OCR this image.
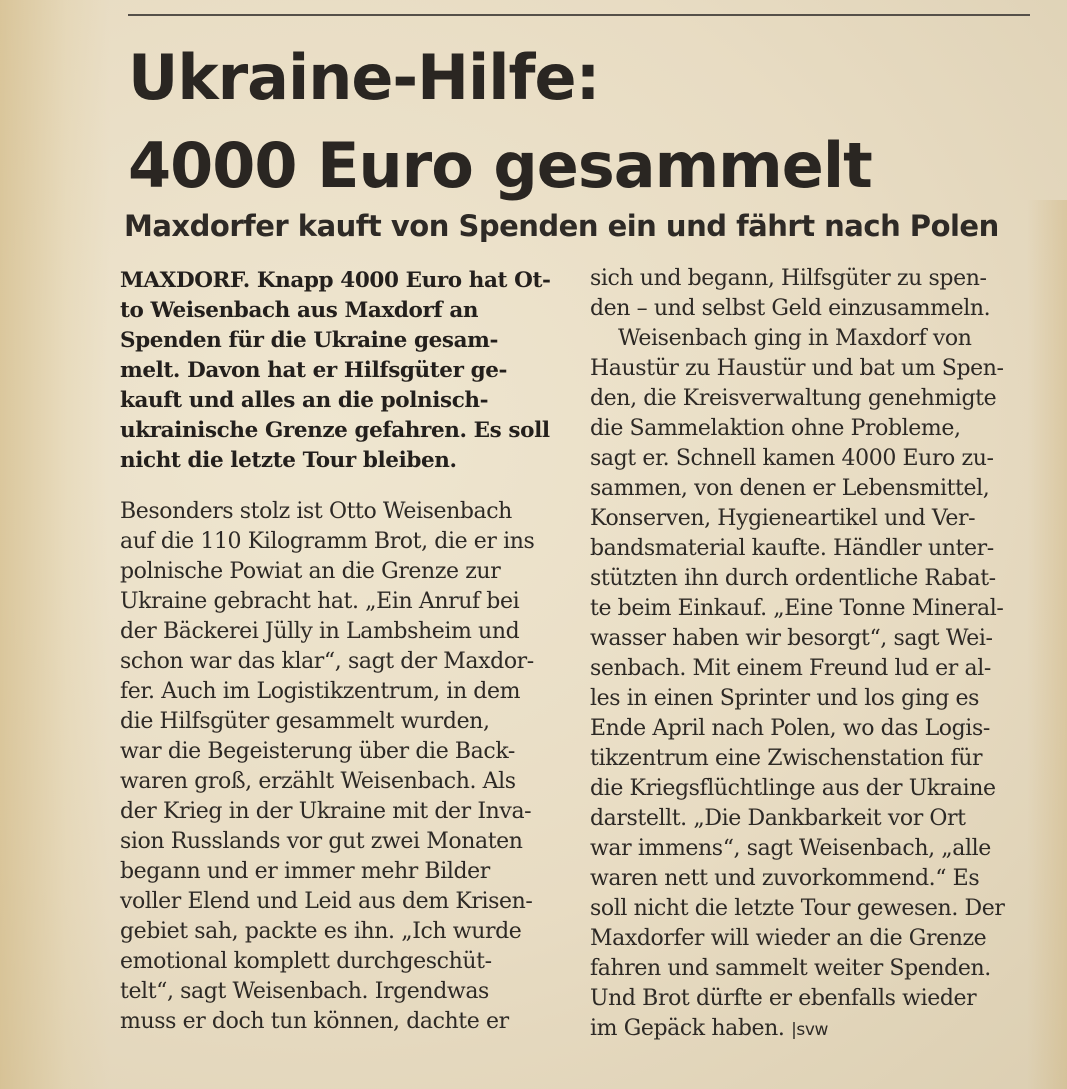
Ukraine-Hilfe:
4000 Euro gesammelt
Maxdorfer kauft von Spenden ein und fährt nach Polen
MAXDORF. Knapp 4000 Euro hat Ot-
to Weisenbach aus Maxdorf an
Spenden für die Ukraine gesam-
melt. Davon hat er Hilfsgüter ge-
kauft und alles an die polnisch-
ukrainische Grenze gefahren. Es soll
nicht die letzte Tour bleiben.
Besonders stolz ist Otto Weisenbach
auf die 110 Kilogramm Brot, die er ins
polnische Powiat an die Grenze zur
Ukraine gebracht hat. „Ein Anruf bei
der Bäckerei Jülly in Lambsheim und
schon war das klar“, sagt der Maxdor-
fer. Auch im Logistikzentrum, in dem
die Hilfsgüter gesammelt wurden,
war die Begeisterung über die Back-
waren groß, erzählt Weisenbach. Als
der Krieg in der Ukraine mit der Inva-
sion Russlands vor gut zwei Monaten
begann und er immer mehr Bilder
voller Elend und Leid aus dem Krisen-
gebiet sah, packte es ihn. „Ich wurde
emotional komplett durchgeschüt-
telt“, sagt Weisenbach. Irgendwas
muss er doch tun können, dachte er
sich und begann, Hilfsgüter zu spen-
den – und selbst Geld einzusammeln.
Weisenbach ging in Maxdorf von
Haustür zu Haustür und bat um Spen-
den, die Kreisverwaltung genehmigte
die Sammelaktion ohne Probleme,
sagt er. Schnell kamen 4000 Euro zu-
sammen, von denen er Lebensmittel,
Konserven, Hygieneartikel und Ver-
bandsmaterial kaufte. Händler unter-
stützten ihn durch ordentliche Rabat-
te beim Einkauf. „Eine Tonne Mineral-
wasser haben wir besorgt“, sagt Wei-
senbach. Mit einem Freund lud er al-
les in einen Sprinter und los ging es
Ende April nach Polen, wo das Logis-
tikzentrum eine Zwischenstation für
die Kriegsflüchtlinge aus der Ukraine
darstellt. „Die Dankbarkeit vor Ort
war immens“, sagt Weisenbach, „alle
waren nett und zuvorkommend.“ Es
soll nicht die letzte Tour gewesen. Der
Maxdorfer will wieder an die Grenze
fahren und sammelt weiter Spenden.
Und Brot dürfte er ebenfalls wieder
im Gepäck haben. |svw
